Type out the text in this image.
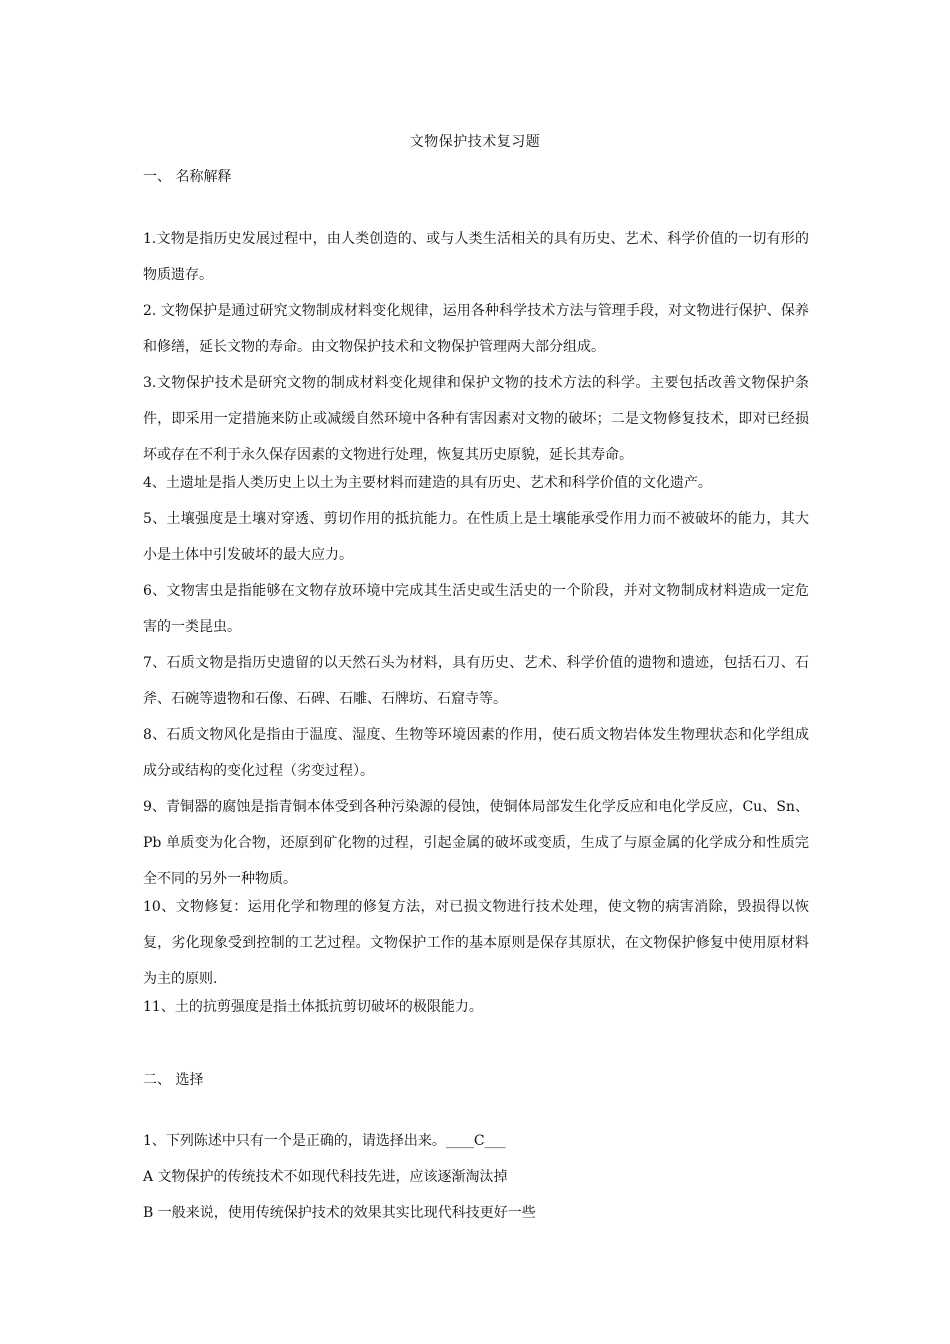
文物保护技术复习题
一、 名称解释

1.文物是指历史发展过程中，由人类创造的、或与人类生活相关的具有历史、艺术、科学价值的一切有形的物质遗存。

2. 文物保护是通过研究文物制成材料变化规律，运用各种科学技术方法与管理手段，对文物进行保护、保养和修缮，延长文物的寿命。由文物保护技术和文物保护管理两大部分组成。

3.文物保护技术是研究文物的制成材料变化规律和保护文物的技术方法的科学。主要包括改善文物保护条件，即采用一定措施来防止或减缓自然环境中各种有害因素对文物的破坏；二是文物修复技术，即对已经损坏或存在不利于永久保存因素的文物进行处理，恢复其历史原貌，延长其寿命。

4、土遗址是指人类历史上以土为主要材料而建造的具有历史、艺术和科学价值的文化遗产。

5、土壤强度是土壤对穿透、剪切作用的抵抗能力。在性质上是土壤能承受作用力而不被破坏的能力，其大小是土体中引发破坏的最大应力。

6、文物害虫是指能够在文物存放环境中完成其生活史或生活史的一个阶段，并对文物制成材料造成一定危害的一类昆虫。

7、石质文物是指历史遗留的以天然石头为材料，具有历史、艺术、科学价值的遗物和遗迹，包括石刀、石斧、石碗等遗物和石像、石碑、石雕、石牌坊、石窟寺等。

8、石质文物风化是指由于温度、湿度、生物等环境因素的作用，使石质文物岩体发生物理状态和化学组成成分或结构的变化过程（劣变过程）。

9、青铜器的腐蚀是指青铜本体受到各种污染源的侵蚀，使铜体局部发生化学反应和电化学反应，Cu、Sn、Pb 单质变为化合物，还原到矿化物的过程，引起金属的破坏或变质，生成了与原金属的化学成分和性质完全不同的另外一种物质。

10、文物修复：运用化学和物理的修复方法，对已损文物进行技术处理，使文物的病害消除，毁损得以恢复，劣化现象受到控制的工艺过程。文物保护工作的基本原则是保存其原状，在文物保护修复中使用原材料为主的原则.

11、土的抗剪强度是指土体抵抗剪切破坏的极限能力。

二、 选择
1、下列陈述中只有一个是正确的，请选择出来。____C___
A 文物保护的传统技术不如现代科技先进，应该逐渐淘汰掉
B 一般来说，使用传统保护技术的效果其实比现代科技更好一些
